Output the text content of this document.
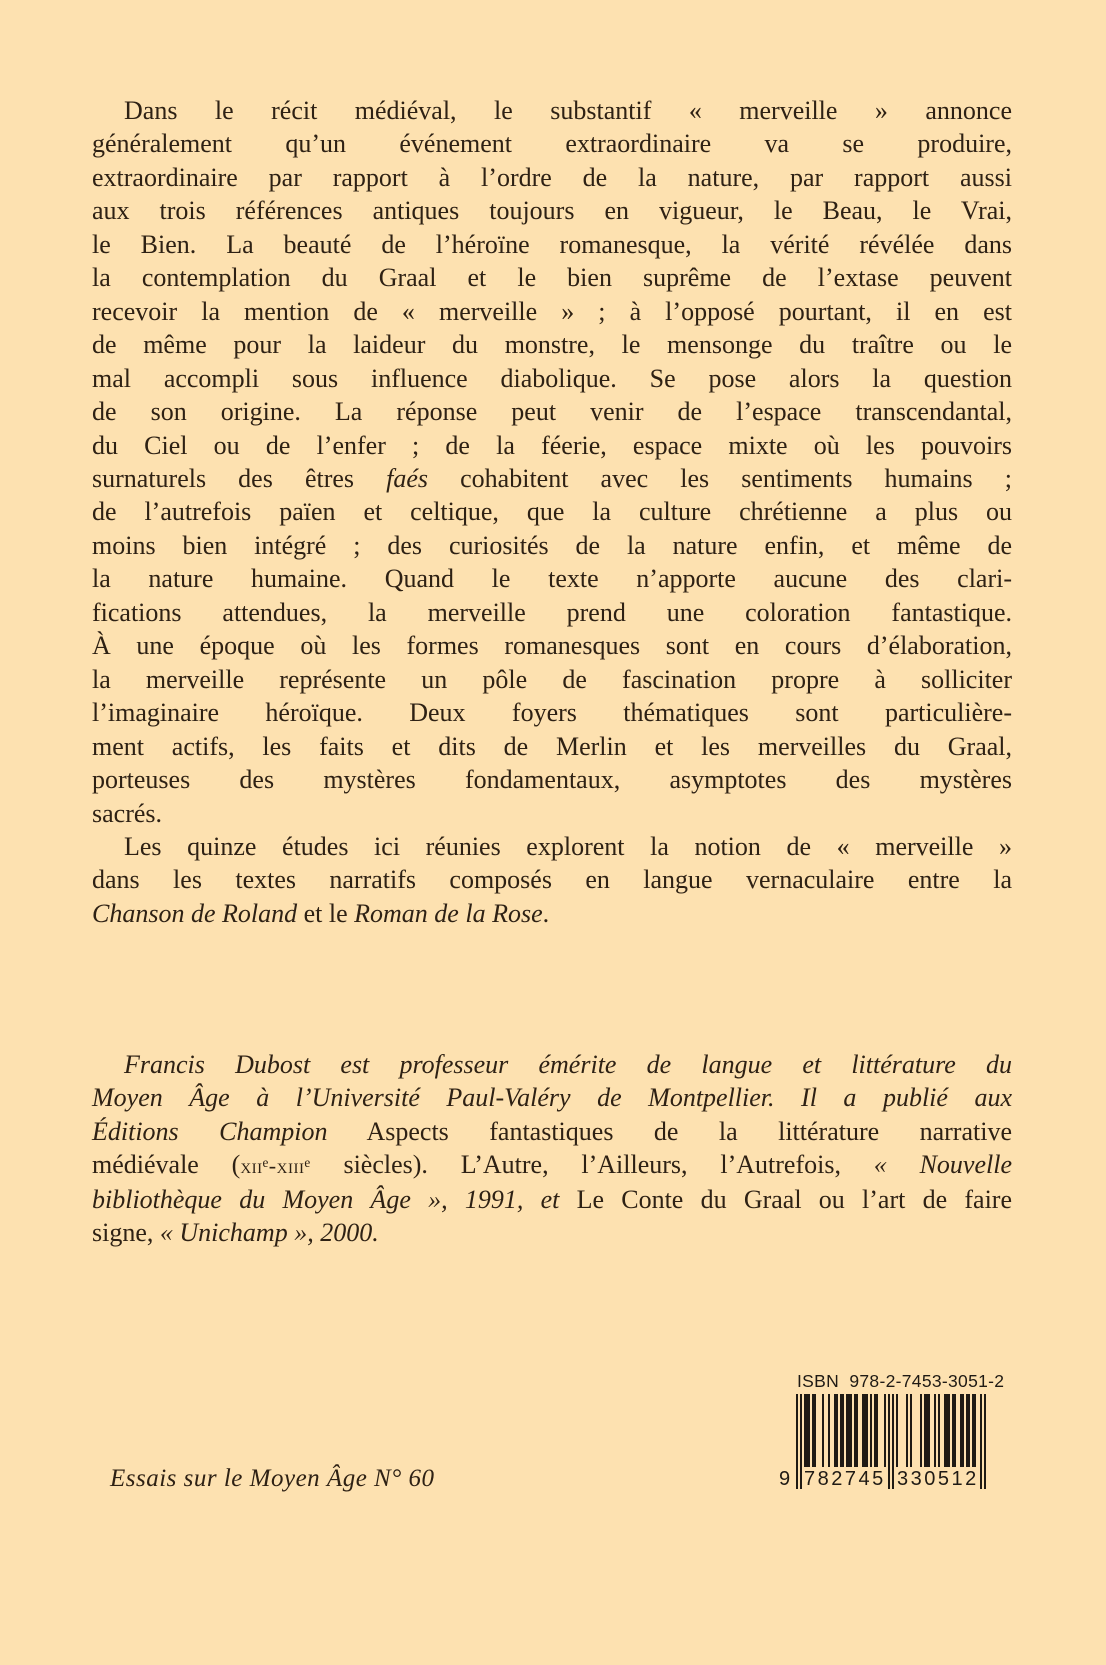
Dans le récit médiéval, le substantif « merveille » annonce
généralement qu’un événement extraordinaire va se produire,
extraordinaire par rapport à l’ordre de la nature, par rapport aussi
aux trois références antiques toujours en vigueur, le Beau, le Vrai,
le Bien. La beauté de l’héroïne romanesque, la vérité révélée dans
la contemplation du Graal et le bien suprême de l’extase peuvent
recevoir la mention de « merveille » ; à l’opposé pourtant, il en est
de même pour la laideur du monstre, le mensonge du traître ou le
mal accompli sous influence diabolique. Se pose alors la question
de son origine. La réponse peut venir de l’espace transcendantal,
du Ciel ou de l’enfer ; de la féerie, espace mixte où les pouvoirs
surnaturels des êtres faés cohabitent avec les sentiments humains ;
de l’autrefois païen et celtique, que la culture chrétienne a plus ou
moins bien intégré ; des curiosités de la nature enfin, et même de
la nature humaine. Quand le texte n’apporte aucune des clari-
fications attendues, la merveille prend une coloration fantastique.
À une époque où les formes romanesques sont en cours d’élaboration,
la merveille représente un pôle de fascination propre à solliciter
l’imaginaire héroïque. Deux foyers thématiques sont particulière-
ment actifs, les faits et dits de Merlin et les merveilles du Graal,
porteuses des mystères fondamentaux, asymptotes des mystères
sacrés.
Les quinze études ici réunies explorent la notion de « merveille »
dans les textes narratifs composés en langue vernaculaire entre la
Chanson de Roland et le Roman de la Rose.
Francis Dubost est professeur émérite de langue et littérature du
Moyen Âge à l’Université Paul-Valéry de Montpellier. Il a publié aux
Éditions Champion Aspects fantastiques de la littérature narrative
médiévale (xiiᵉ-xiiiᵉ siècles). L’Autre, l’Ailleurs, l’Autrefois, « Nouvelle
bibliothèque du Moyen Âge », 1991, et Le Conte du Graal ou l’art de faire
signe, « Unichamp », 2000.
ISBN  978-2-7453-3051-2
9 782745 330512
Essais sur le Moyen Âge N° 60
